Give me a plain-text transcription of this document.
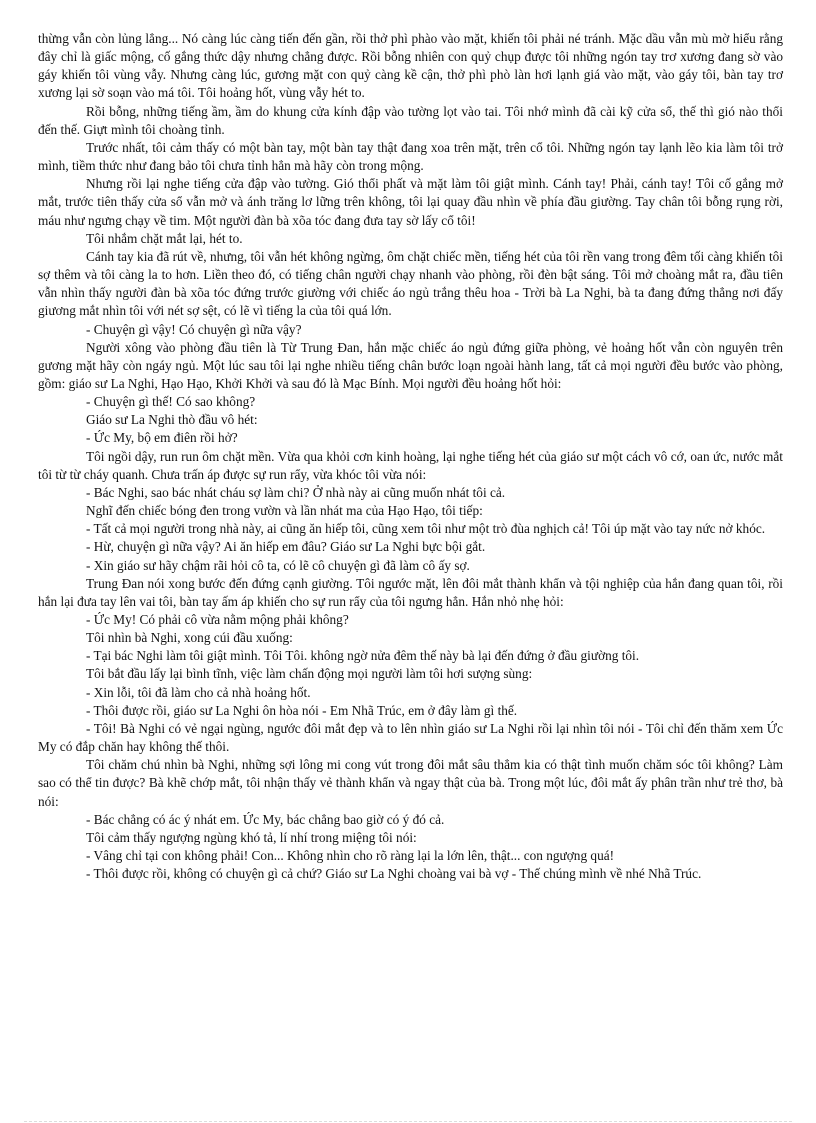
thừng vẫn còn lủng lẳng... Nó càng lúc càng tiến đến gần, rồi thở phì phào vào mặt, khiến tôi phải né tránh. Mặc dầu vẫn mù mờ hiểu rằng đây chỉ là giấc mộng, cố gắng thức dậy nhưng chẳng được. Rồi bỗng nhiên con quỷ chụp được tôi những ngón tay trơ xương đang sờ vào gáy khiến tôi vùng vẫy. Nhưng càng lúc, gương mặt con quỷ càng kề cận, thở phì phò làn hơi lạnh giá vào mặt, vào gáy tôi, bàn tay trơ xương lại sờ soạn vào má tôi. Tôi hoảng hốt, vùng vẫy hét to.

Rồi bỗng, những tiếng ầm, ầm do khung cửa kính đập vào tường lọt vào tai. Tôi nhớ mình đã cài kỹ cửa sổ, thế thì gió nào thổi đến thế. Giựt mình tôi choàng tỉnh.

Trước nhất, tôi cảm thấy có một bàn tay, một bàn tay thật đang xoa trên mặt, trên cổ tôi. Những ngón tay lạnh lẽo kia làm tôi trở mình, tiềm thức như đang bảo tôi chưa tỉnh hẳn mà hãy còn trong mộng.

Nhưng rồi lại nghe tiếng cửa đập vào tường. Gió thổi phất và mặt làm tôi giật mình. Cánh tay! Phải, cánh tay! Tôi cố gắng mở mắt, trước tiên thấy cửa sổ vẫn mở và ánh trăng lơ lững trên không, tôi lại quay đầu nhìn về phía đầu giường. Tay chân tôi bỗng rụng rời, máu như ngưng chạy về tim. Một người đàn bà xõa tóc đang đưa tay sờ lấy cổ tôi!

Tôi nhắm chặt mắt lại, hét to.

Cánh tay kia đã rút về, nhưng, tôi vẫn hét không ngừng, ôm chặt chiếc mền, tiếng hét của tôi rền vang trong đêm tối càng khiến tôi sợ thêm và tôi càng la to hơn. Liền theo đó, có tiếng chân người chạy nhanh vào phòng, rồi đèn bật sáng. Tôi mở choàng mắt ra, đầu tiên vẫn nhìn thấy người đàn bà xõa tóc đứng trước giường với chiếc áo ngủ trắng thêu hoa - Trời bà La Nghi, bà ta đang đứng thẳng nơi đấy giương mắt nhìn tôi với nét sợ sệt, có lẽ vì tiếng la của tôi quá lớn.

- Chuyện gì vậy! Có chuyện gì nữa vậy?

Người xông vào phòng đầu tiên là Từ Trung Đan, hắn mặc chiếc áo ngủ đứng giữa phòng, vẻ hoảng hốt vẫn còn nguyên trên gương mặt hãy còn ngáy ngủ. Một lúc sau tôi lại nghe nhiều tiếng chân bước loạn ngoài hành lang, tất cả mọi người đều bước vào phòng, gồm: giáo sư La Nghi, Hạo Hạo, Khởi Khởi và sau đó là Mạc Bính. Mọi người đều hoảng hốt hỏi:

- Chuyện gì thế! Có sao không?

Giáo sư La Nghi thò đầu vô hét:

- Ức My, bộ em điên rồi hở?

Tôi ngồi dậy, run run ôm chặt mền. Vừa qua khỏi cơn kinh hoàng, lại nghe tiếng hét của giáo sư một cách vô cớ, oan ức, nước mắt tôi từ từ cháy quanh. Chưa trấn áp được sự run rẩy, vừa khóc tôi vừa nói:

- Bác Nghi, sao bác nhát cháu sợ làm chi? Ở nhà này ai cũng muốn nhát tôi cả.

Nghĩ đến chiếc bóng đen trong vườn và lần nhát ma của Hạo Hạo, tôi tiếp:

- Tất cả mọi người trong nhà này, ai cũng ăn hiếp tôi, cũng xem tôi như một trò đùa nghịch cả! Tôi úp mặt vào tay nức nở khóc.

- Hừ, chuyện gì nữa vậy? Ai ăn hiếp em đâu? Giáo sư La Nghi bực bội gắt.

- Xin giáo sư hãy chậm rãi hỏi cô ta, có lẽ cô chuyện gì đã làm cô ấy sợ.

Trung Đan nói xong bước đến đứng cạnh giường. Tôi ngước mặt, lên đôi mắt thành khẩn và tội nghiệp của hắn đang quan tôi, rồi hắn lại đưa tay lên vai tôi, bàn tay ấm áp khiến cho sự run rẩy của tôi ngưng hẳn. Hắn nhỏ nhẹ hỏi:

- Ức My! Có phải cô vừa nằm mộng phải không?

Tôi nhìn bà Nghi, xong cúi đầu xuống:

- Tại bác Nghi làm tôi giật mình. Tôi Tôi. không ngờ nửa đêm thế này bà lại đến đứng ở đầu giường tôi.

Tôi bắt đầu lấy lại bình tĩnh, việc làm chấn động mọi người làm tôi hơi sượng sùng:

- Xin lỗi, tôi đã làm cho cả nhà hoảng hốt.

- Thôi được rồi, giáo sư La Nghi ôn hòa nói - Em Nhã Trúc, em ở đây làm gì thế.

- Tôi! Bà Nghi có vẻ ngại ngùng, ngước đôi mắt đẹp và to lên nhìn giáo sư La Nghi rồi lại nhìn tôi nói - Tôi chỉ đến thăm xem Ức My có đắp chăn hay không thế thôi.

Tôi chăm chú nhìn bà Nghi, những sợi lông mi cong vút trong đôi mắt sâu thẳm kia có thật tình muốn chăm sóc tôi không? Làm sao có thể tin được? Bà khẽ chớp mắt, tôi nhận thấy vẻ thành khẩn và ngay thật của bà. Trong một lúc, đôi mắt ấy phân trần như trẻ thơ, bà nói:

- Bác chẳng có ác ý nhát em. Ức My, bác chẳng bao giờ có ý đó cả.

Tôi cảm thấy ngượng ngùng khó tả, lí nhí trong miệng tôi nói:

- Vâng chỉ tại con không phải! Con... Không nhìn cho rõ ràng lại la lớn lên, thật... con ngượng quá!

- Thôi được rồi, không có chuyện gì cả chứ? Giáo sư La Nghi choàng vai bà vợ - Thế chúng mình về nhé Nhã Trúc.
